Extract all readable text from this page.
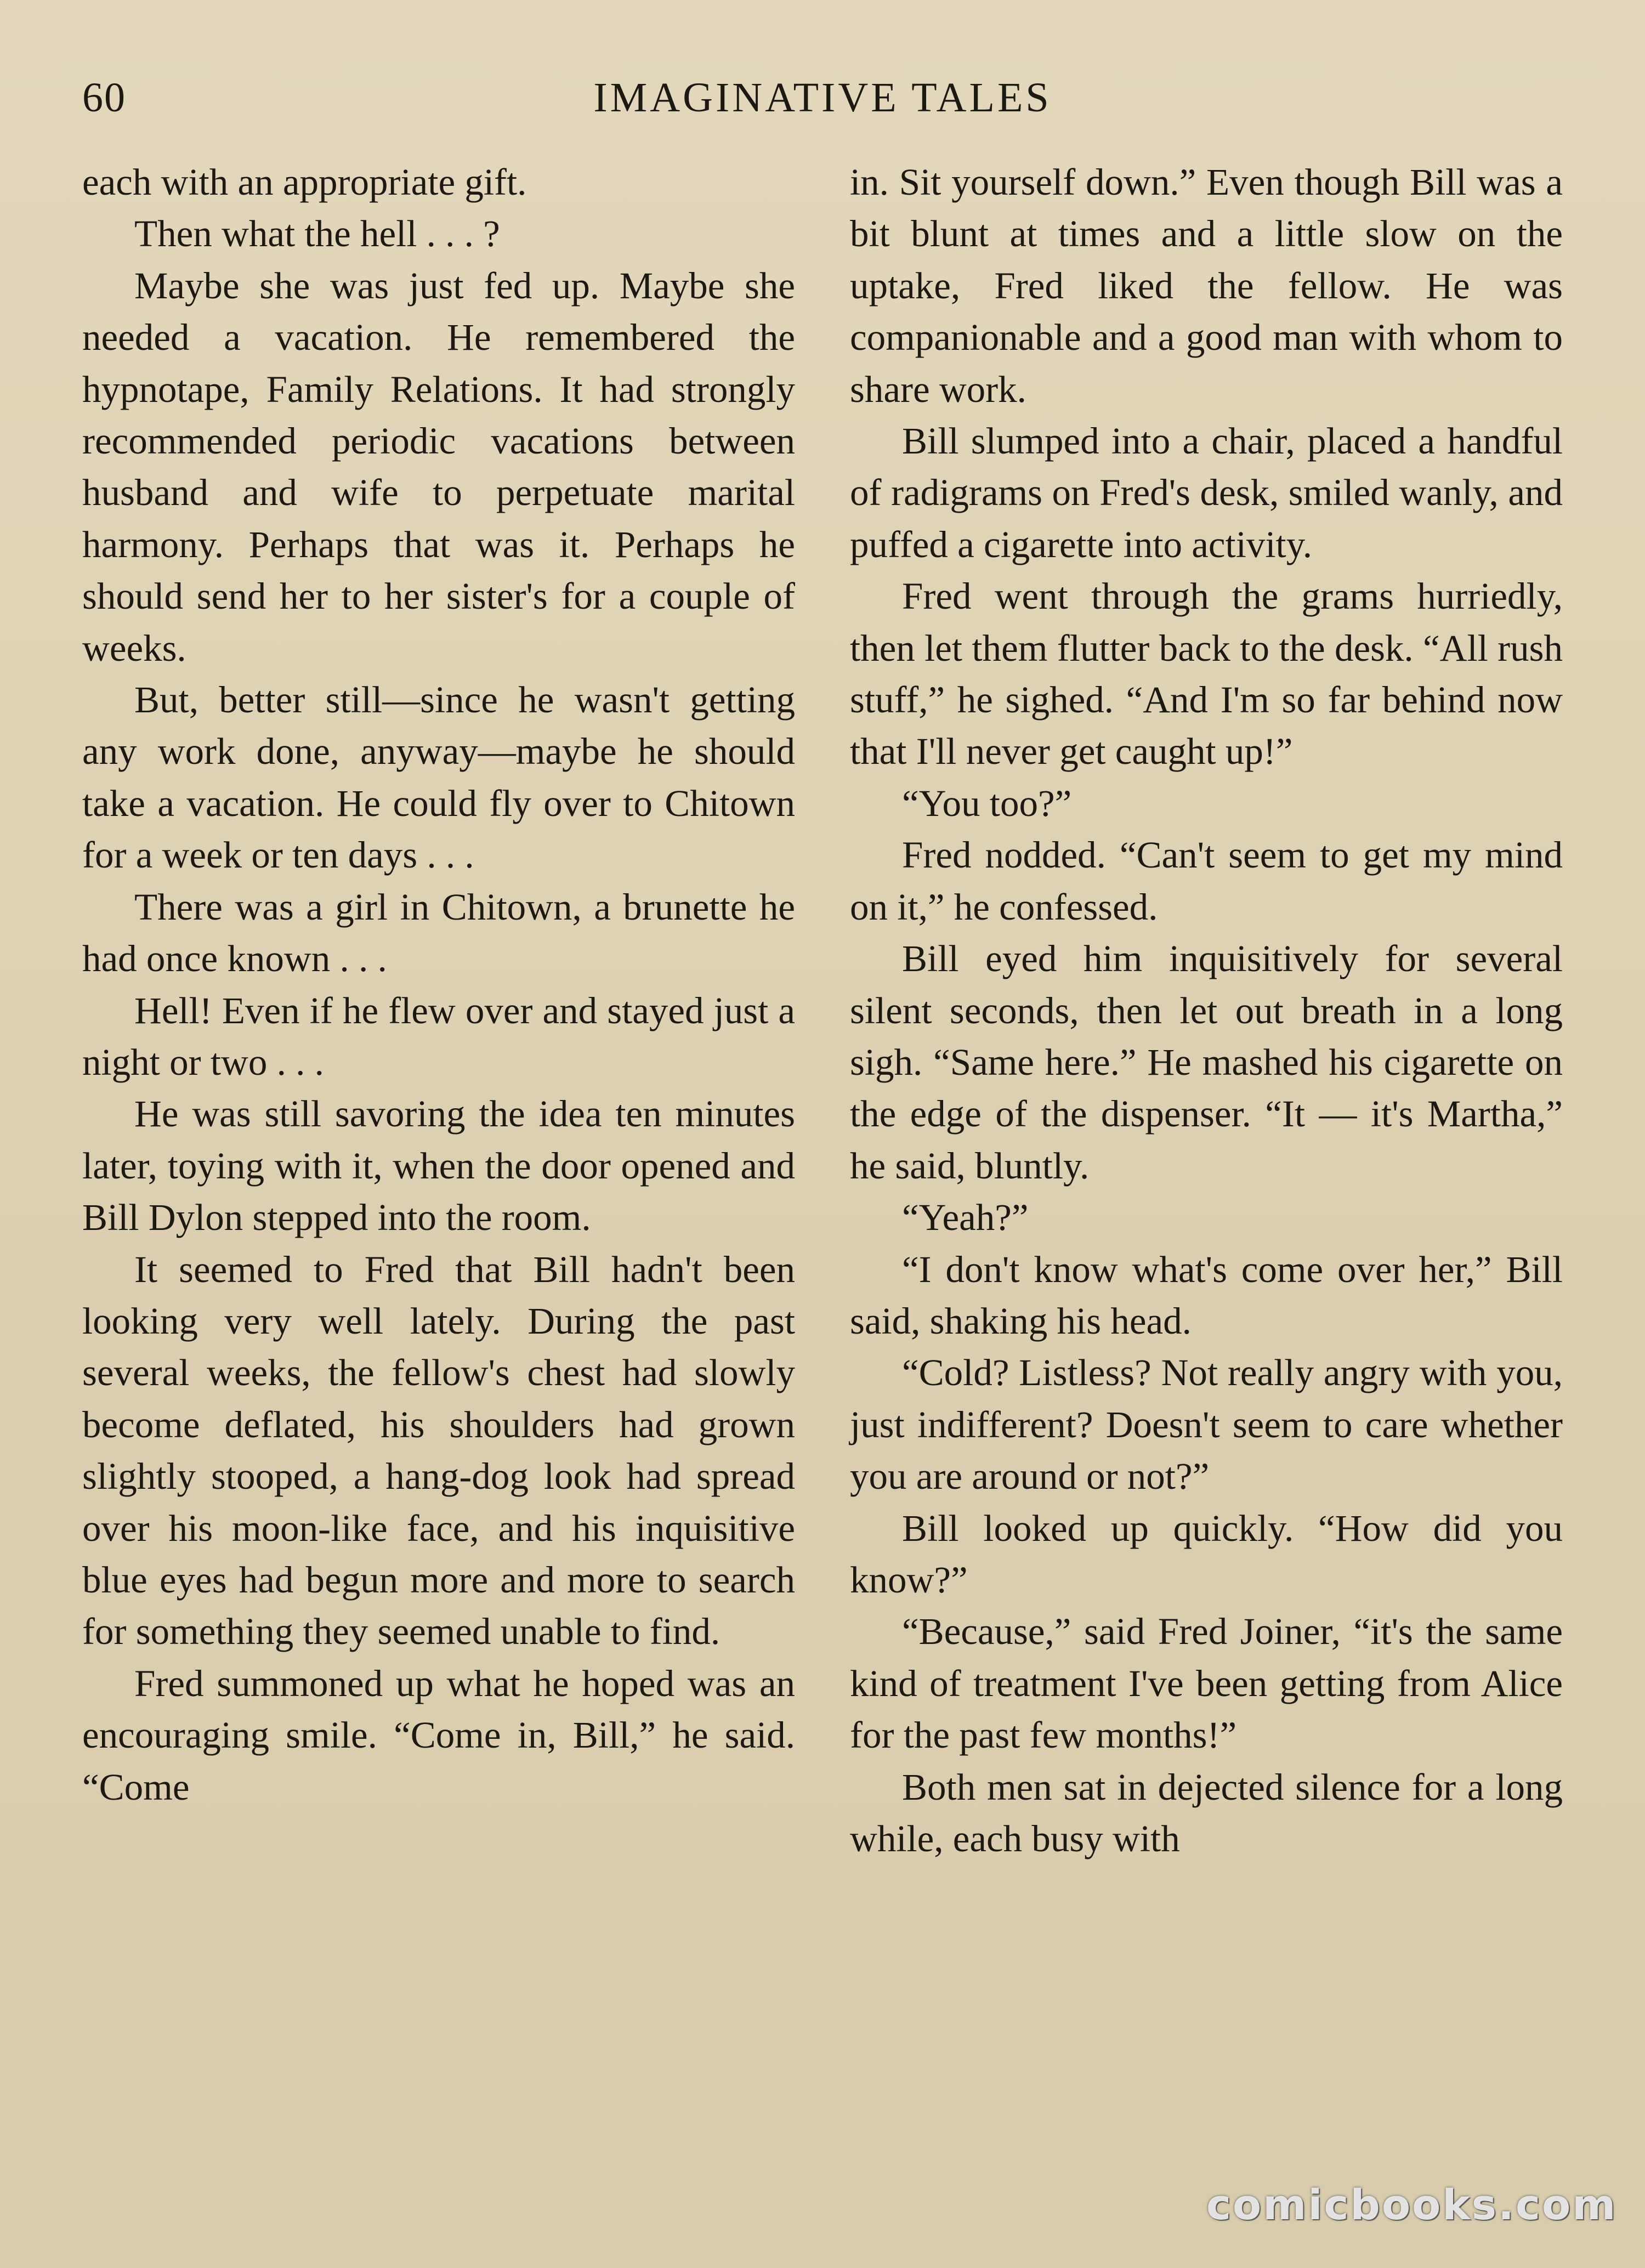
60	IMAGINATIVE TALES

each with an appropriate gift.

Then what the hell . . . ?

Maybe she was just fed up. Maybe she needed a vacation. He remembered the hypnotape, Family Relations. It had strongly recommended periodic vacations between husband and wife to perpetuate marital harmony. Perhaps that was it. Perhaps he should send her to her sister's for a couple of weeks.

But, better still—since he wasn't getting any work done, anyway—maybe he should take a vacation. He could fly over to Chitown for a week or ten days . . .

There was a girl in Chitown, a brunette he had once known . . .

Hell! Even if he flew over and stayed just a night or two . . .

He was still savoring the idea ten minutes later, toying with it, when the door opened and Bill Dylon stepped into the room.

It seemed to Fred that Bill hadn't been looking very well lately. During the past several weeks, the fellow's chest had slowly become deflated, his shoulders had grown slightly stooped, a hang-dog look had spread over his moon-like face, and his inquisitive blue eyes had begun more and more to search for something they seemed unable to find.

Fred summoned up what he hoped was an encouraging smile. “Come in, Bill,” he said. “Come

in. Sit yourself down.” Even though Bill was a bit blunt at times and a little slow on the uptake, Fred liked the fellow. He was companionable and a good man with whom to share work.

Bill slumped into a chair, placed a handful of radigrams on Fred's desk, smiled wanly, and puffed a cigarette into activity.

Fred went through the grams hurriedly, then let them flutter back to the desk. “All rush stuff,” he sighed. “And I'm so far behind now that I'll never get caught up!”

“You too?”

Fred nodded. “Can't seem to get my mind on it,” he confessed.

Bill eyed him inquisitively for several silent seconds, then let out breath in a long sigh. “Same here.” He mashed his cigarette on the edge of the dispenser. “It — it's Martha,” he said, bluntly.

“Yeah?”

“I don't know what's come over her,” Bill said, shaking his head.

“Cold? Listless? Not really angry with you, just indifferent? Doesn't seem to care whether you are around or not?”

Bill looked up quickly. “How did you know?”

“Because,” said Fred Joiner, “it's the same kind of treatment I've been getting from Alice for the past few months!”

Both men sat in dejected silence for a long while, each busy with

comicbooks.com
